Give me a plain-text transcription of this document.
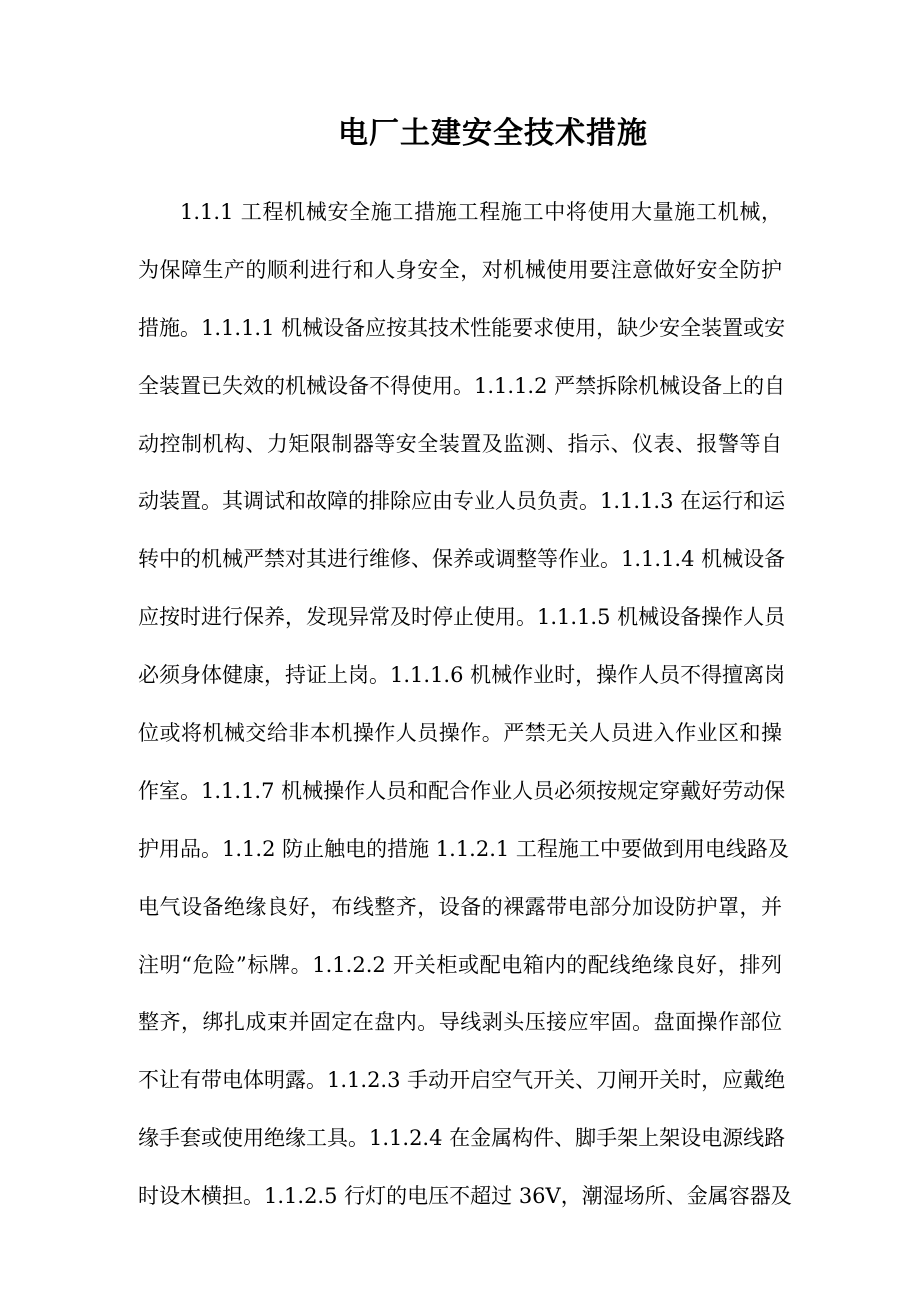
电厂土建安全技术措施
1.1.1 工程机械安全施工措施工程施工中将使用大量施工机械，
为保障生产的顺利进行和人身安全，对机械使用要注意做好安全防护
措施。1.1.1.1 机械设备应按其技术性能要求使用，缺少安全装置或安
全装置已失效的机械设备不得使用。1.1.1.2 严禁拆除机械设备上的自
动控制机构、力矩限制器等安全装置及监测、指示、仪表、报警等自
动装置。其调试和故障的排除应由专业人员负责。1.1.1.3 在运行和运
转中的机械严禁对其进行维修、保养或调整等作业。1.1.1.4 机械设备
应按时进行保养，发现异常及时停止使用。1.1.1.5 机械设备操作人员
必须身体健康，持证上岗。1.1.1.6 机械作业时，操作人员不得擅离岗
位或将机械交给非本机操作人员操作。严禁无关人员进入作业区和操
作室。1.1.1.7 机械操作人员和配合作业人员必须按规定穿戴好劳动保
护用品。1.1.2 防止触电的措施 1.1.2.1 工程施工中要做到用电线路及
电气设备绝缘良好，布线整齐，设备的裸露带电部分加设防护罩，并
注明“危险”标牌。1.1.2.2 开关柜或配电箱内的配线绝缘良好，排列
整齐，绑扎成束并固定在盘内。导线剥头压接应牢固。盘面操作部位
不让有带电体明露。1.1.2.3 手动开启空气开关、刀闸开关时，应戴绝
缘手套或使用绝缘工具。1.1.2.4 在金属构件、脚手架上架设电源线路
时设木横担。1.1.2.5 行灯的电压不超过 36V，潮湿场所、金属容器及
